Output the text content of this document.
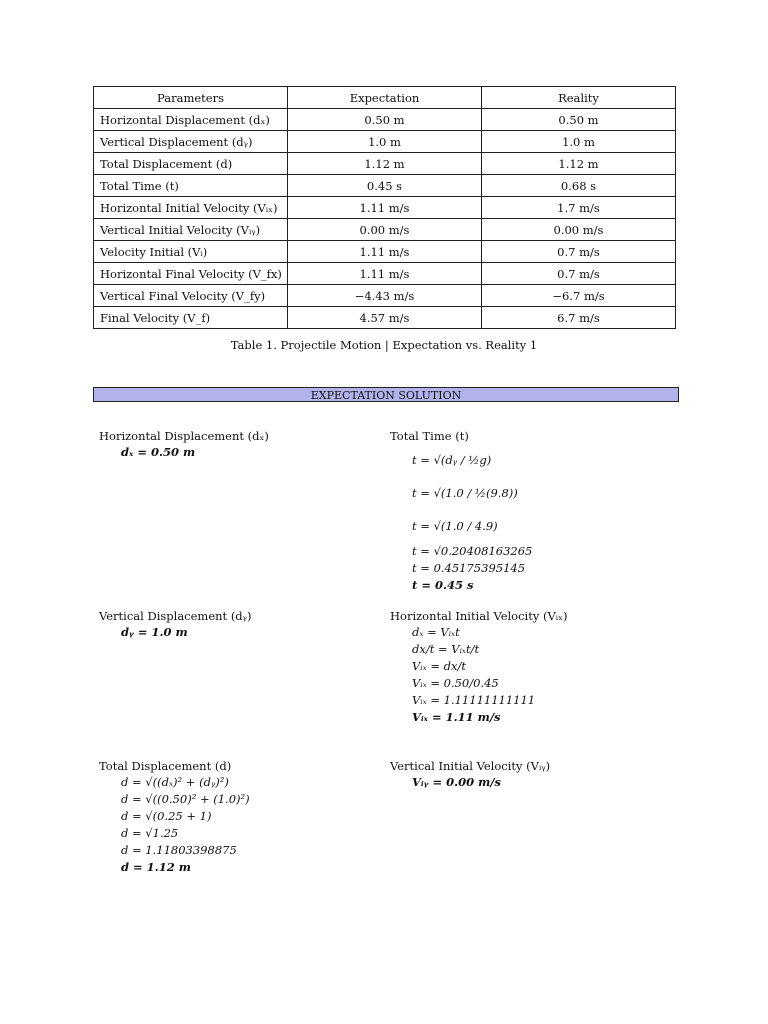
Parameters	Expectation	Reality
Horizontal Displacement (dₓ)	0.50 m	0.50 m
Vertical Displacement (dᵧ)	1.0 m	1.0 m
Total Displacement (d)	1.12 m	1.12 m
Total Time (t)	0.45 s	0.68 s
Horizontal Initial Velocity (Vᵢₓ)	1.11 m/s	1.7 m/s
Vertical Initial Velocity (Vᵢᵧ)	0.00 m/s	0.00 m/s
Velocity Initial (Vᵢ)	1.11 m/s	0.7 m/s
Horizontal Final Velocity (V_fx)	1.11 m/s	0.7 m/s
Vertical Final Velocity (V_fy)	−4.43 m/s	−6.7 m/s
Final Velocity (V_f)	4.57 m/s	6.7 m/s
Table 1. Projectile Motion | Expectation vs. Reality 1
EXPECTATION SOLUTION
Horizontal Displacement (dₓ)
dₓ = 0.50 m
Vertical Displacement (dᵧ)
dᵧ = 1.0 m
Total Displacement (d)
d = √((dₓ)² + (dᵧ)²)
d = √((0.50)² + (1.0)²)
d = √(0.25 + 1)
d = √1.25
d = 1.11803398875
d = 1.12 m
Total Time (t)
t = √(dᵧ / ½g)
t = √(1.0 / ½(9.8))
t = √(1.0 / 4.9)
t = √0.20408163265
t = 0.45175395145
t = 0.45 s
Horizontal Initial Velocity (Vᵢₓ)
dₓ = Vᵢₓt
dx/t = Vᵢₓt/t
Vᵢₓ = dx/t
Vᵢₓ = 0.50/0.45
Vᵢₓ = 1.11111111111
Vᵢₓ = 1.11 m/s
Vertical Initial Velocity (Vᵢᵧ)
Vᵢᵧ = 0.00 m/s
